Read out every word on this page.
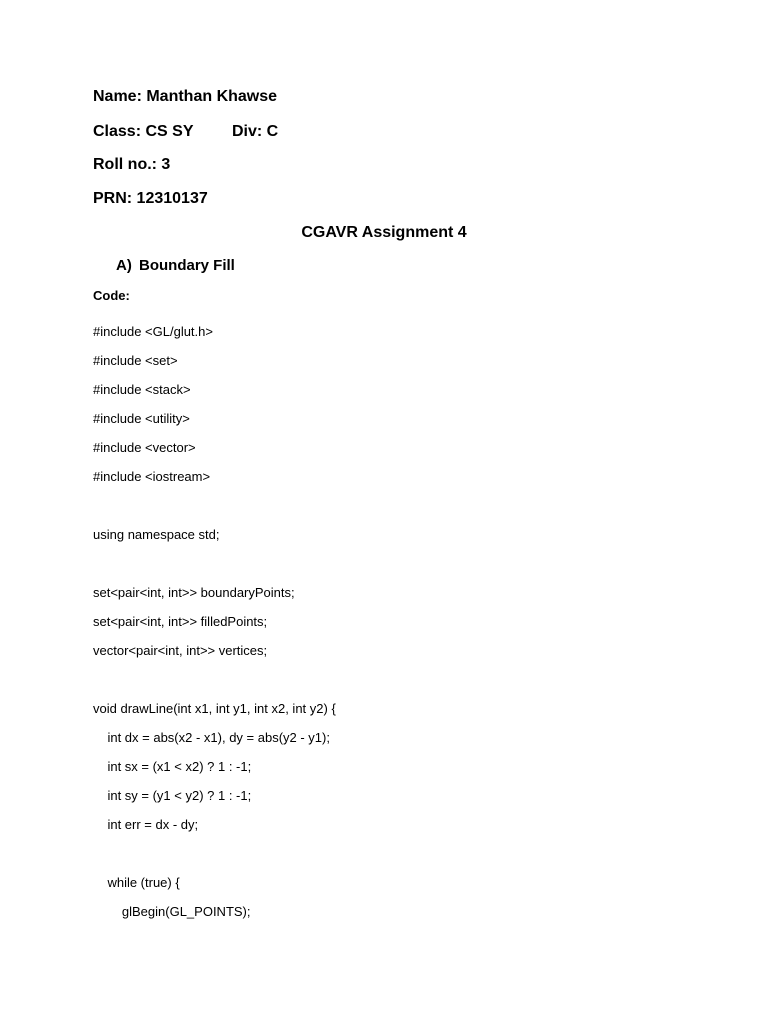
Name: Manthan Khawse
Class: CS SY Div: C
Roll no.: 3
PRN: 12310137
CGAVR Assignment 4
A) Boundary Fill
Code:
#include <GL/glut.h>
#include <set>
#include <stack>
#include <utility>
#include <vector>
#include <iostream>
using namespace std;
set<pair<int, int>> boundaryPoints;
set<pair<int, int>> filledPoints;
vector<pair<int, int>> vertices;
void drawLine(int x1, int y1, int x2, int y2) {
int dx = abs(x2 - x1), dy = abs(y2 - y1);
int sx = (x1 < x2) ? 1 : -1;
int sy = (y1 < y2) ? 1 : -1;
int err = dx - dy;
while (true) {
glBegin(GL_POINTS);
